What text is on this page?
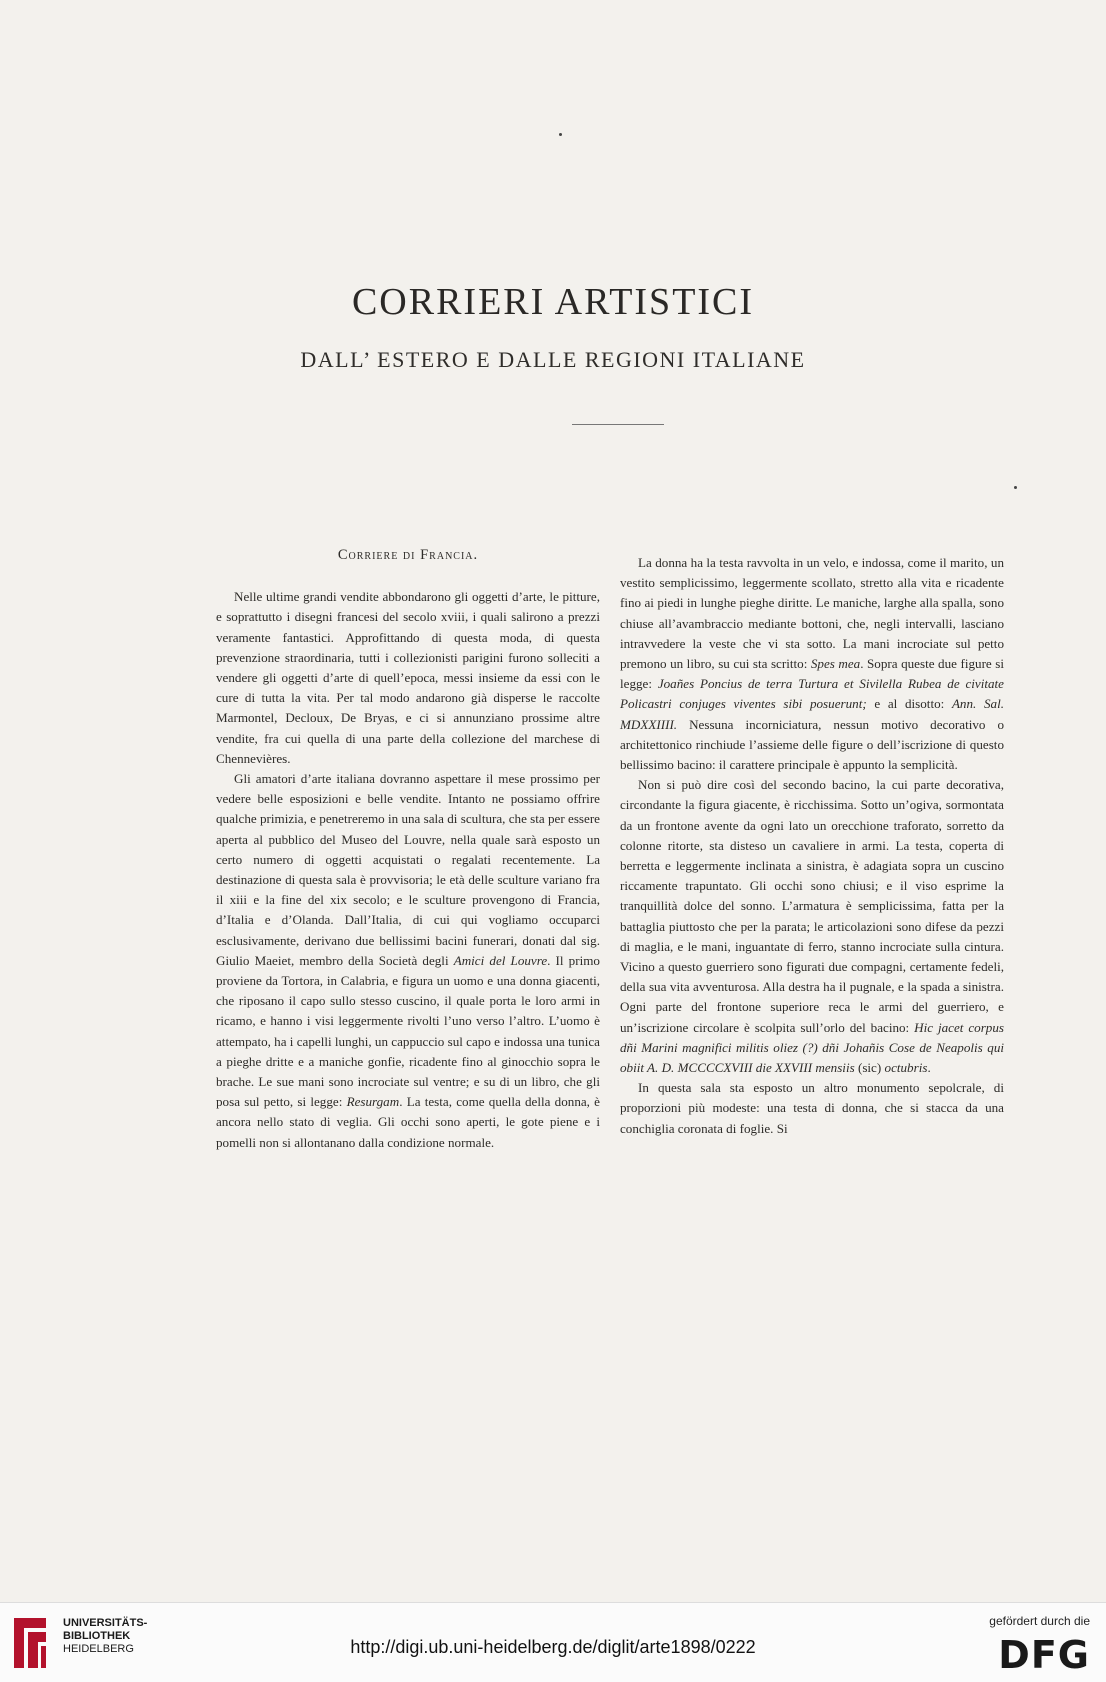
CORRIERI ARTISTICI
DALL’ ESTERO E DALLE REGIONI ITALIANE
Corriere di Francia.

Nelle ultime grandi vendite abbondarono gli oggetti d’arte, le pitture, e soprattutto i disegni francesi del secolo xviii, i quali salirono a prezzi veramente fantastici. Approfittando di questa moda, di questa prevenzione straordinaria, tutti i collezionisti parigini furono solleciti a vendere gli oggetti d’arte di quell’epoca, messi insieme da essi con le cure di tutta la vita. Per tal modo andarono già disperse le raccolte Marmontel, Decloux, De Bryas, e ci si annunziano prossime altre vendite, fra cui quella di una parte della collezione del marchese di Chennevières.

Gli amatori d’arte italiana dovranno aspettare il mese prossimo per vedere belle esposizioni e belle vendite. Intanto ne possiamo offrire qualche primizia, e penetreremo in una sala di scultura, che sta per essere aperta al pubblico del Museo del Louvre, nella quale sarà esposto un certo numero di oggetti acquistati o regalati recentemente. La destinazione di questa sala è provvisoria; le età delle sculture variano fra il xiii e la fine del xix secolo; e le sculture provengono di Francia, d’Italia e d’Olanda. Dall’Italia, di cui qui vogliamo occuparci esclusivamente, derivano due bellissimi bacini funerari, donati dal sig. Giulio Maeiet, membro della Società degli Amici del Louvre. Il primo proviene da Tortora, in Calabria, e figura un uomo e una donna giacenti, che riposano il capo sullo stesso cuscino, il quale porta le loro armi in ricamo, e hanno i visi leggermente rivolti l’uno verso l’altro. L’uomo è attempato, ha i capelli lunghi, un cappuccio sul capo e indossa una tunica a pieghe dritte e a maniche gonfie, ricadente fino al ginocchio sopra le brache. Le sue mani sono incrociate sul ventre; e su di un libro, che gli posa sul petto, si legge: Resurgam. La testa, come quella della donna, è ancora nello stato di veglia. Gli occhi sono aperti, le gote piene e i pomelli non si allontanano dalla condizione normale.

La donna ha la testa ravvolta in un velo, e indossa, come il marito, un vestito semplicissimo, leggermente scollato, stretto alla vita e ricadente fino ai piedi in lunghe pieghe diritte. Le maniche, larghe alla spalla, sono chiuse all’avambraccio mediante bottoni, che, negli intervalli, lasciano intravvedere la veste che vi sta sotto. La mani incrociate sul petto premono un libro, su cui sta scritto: Spes mea. Sopra queste due figure si legge: Joañes Poncius de terra Turtura et Sivilella Rubea de civitate Policastri conjuges viventes sibi posuerunt; e al disotto: Ann. Sal. MDXXIIII. Nessuna incorniciatura, nessun motivo decorativo o architettonico rinchiude l’assieme delle figure o dell’iscrizione di questo bellissimo bacino: il carattere principale è appunto la semplicità.

Non si può dire così del secondo bacino, la cui parte decorativa, circondante la figura giacente, è ricchissima. Sotto un’ogiva, sormontata da un frontone avente da ogni lato un orecchione traforato, sorretto da colonne ritorte, sta disteso un cavaliere in armi. La testa, coperta di berretta e leggermente inclinata a sinistra, è adagiata sopra un cuscino riccamente trapuntato. Gli occhi sono chiusi; e il viso esprime la tranquillità dolce del sonno. L’armatura è semplicissima, fatta per la battaglia piuttosto che per la parata; le articolazioni sono difese da pezzi di maglia, e le mani, inguantate di ferro, stanno incrociate sulla cintura. Vicino a questo guerriero sono figurati due compagni, certamente fedeli, della sua vita avventurosa. Alla destra ha il pugnale, e la spada a sinistra. Ogni parte del frontone superiore reca le armi del guerriero, e un’iscrizione circolare è scolpita sull’orlo del bacino: Hic jacet corpus dñi Marini magnifici militis oliez (?) dñi Johañis Cose de Neapolis qui obiit A. D. MCCCCXVIII die XXVIII mensiis (sic) octubris.

In questa sala sta esposto un altro monumento sepolcrale, di proporzioni più modeste: una testa di donna, che si stacca da una conchiglia coronata di foglie. Si

UNIVERSITÄTS-
BIBLIOTHEK
HEIDELBERG	http://digi.ub.uni-heidelberg.de/diglit/arte1898/0222
gefördert durch die
DFG
